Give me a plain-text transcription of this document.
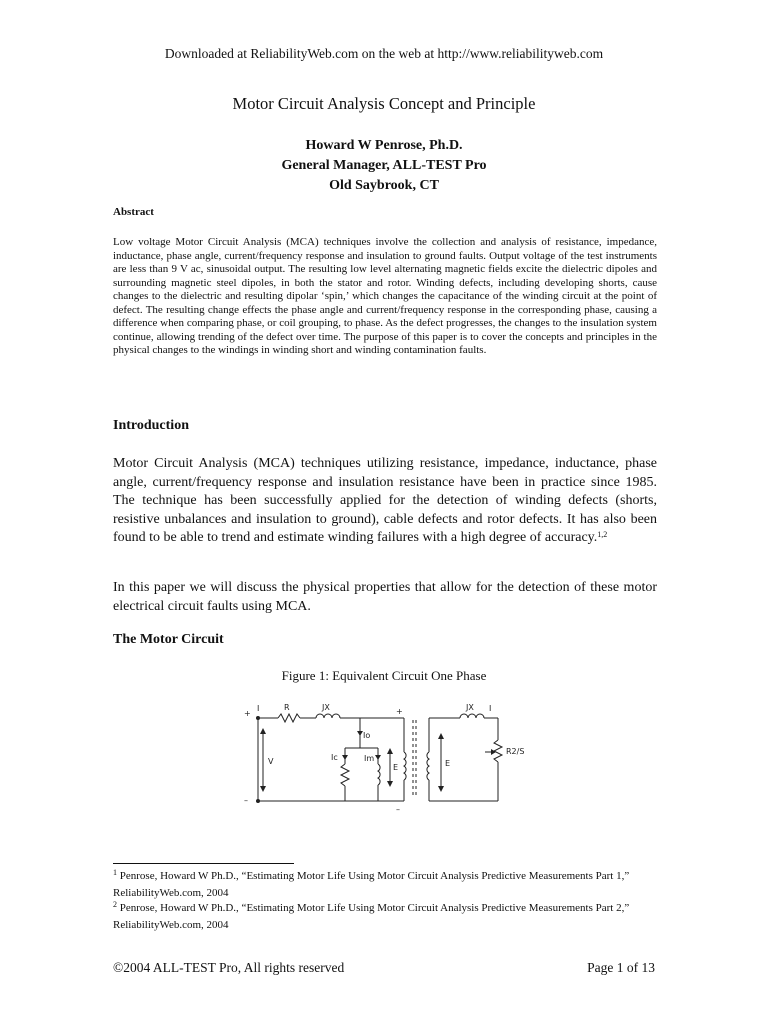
Downloaded at ReliabilityWeb.com on the web at http://www.reliabilityweb.com
Motor Circuit Analysis Concept and Principle
Howard W Penrose, Ph.D.
General Manager, ALL-TEST Pro
Old Saybrook, CT
Abstract

Low voltage Motor Circuit Analysis (MCA) techniques involve the collection and analysis of resistance, impedance, inductance, phase angle, current/frequency response and insulation to ground faults. Output voltage of the test instruments are less than 9 V ac, sinusoidal output. The resulting low level alternating magnetic fields excite the dielectric dipoles and surrounding magnetic steel dipoles, in both the stator and rotor. Winding defects, including developing shorts, cause changes to the dielectric and resulting dipolar ‘spin,’ which changes the capacitance of the winding circuit at the point of defect. The resulting change effects the phase angle and current/frequency response in the corresponding phase, causing a difference when comparing phase, or coil grouping, to phase. As the defect progresses, the changes to the insulation system continue, allowing trending of the defect over time. The purpose of this paper is to cover the concepts and principles in the physical changes to the windings in winding short and winding contamination faults.

Introduction

Motor Circuit Analysis (MCA) techniques utilizing resistance, impedance, inductance, phase angle, current/frequency response and insulation resistance have been in practice since 1985. The technique has been successfully applied for the detection of winding defects (shorts, resistive unbalances and insulation to ground), cable defects and rotor defects. It has also been found to be able to trend and estimate winding failures with a high degree of accuracy.$^{1,2}$

In this paper we will discuss the physical properties that allow for the detection of these motor electrical circuit faults using MCA.

The Motor Circuit
Figure 1: Equivalent Circuit One Phase
+
–
I	R	JX
Io
Ic	Im
V
E
+
–
E
JX I
R2/S

$^1$ Penrose, Howard W Ph.D., “Estimating Motor Life Using Motor Circuit Analysis Predictive Measurements Part 1,” ReliabilityWeb.com, 2004

$^2$ Penrose, Howard W Ph.D., “Estimating Motor Life Using Motor Circuit Analysis Predictive Measurements Part 2,” ReliabilityWeb.com, 2004

©2004 ALL-TEST Pro, All rights reserved	Page 1 of 13
